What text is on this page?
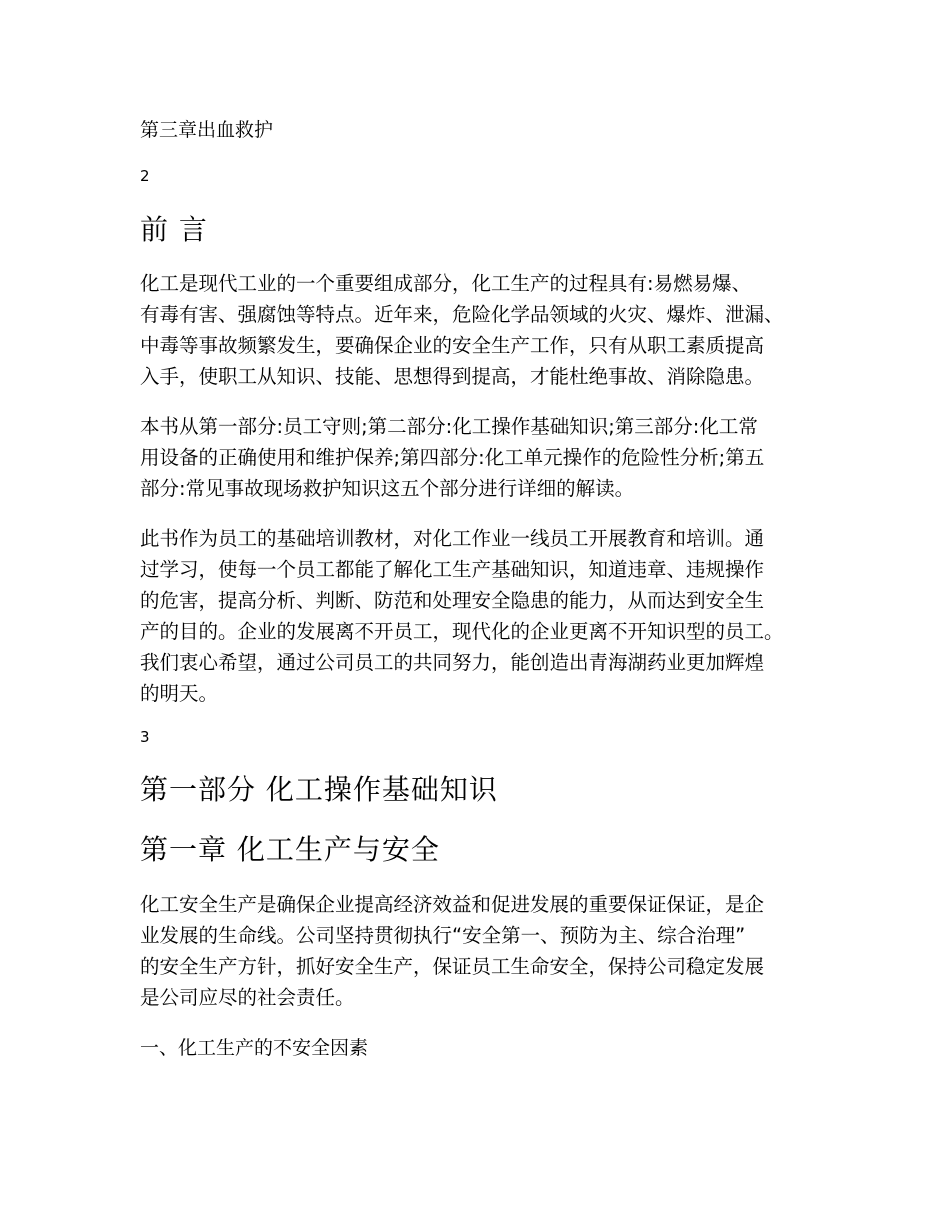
第三章出血救护

2

前 言
化工是现代工业的一个重要组成部分，化工生产的过程具有:易燃易爆、
有毒有害、强腐蚀等特点。近年来，危险化学品领域的火灾、爆炸、泄漏、
中毒等事故频繁发生，要确保企业的安全生产工作，只有从职工素质提高
入手，使职工从知识、技能、思想得到提高，才能杜绝事故、消除隐患。
本书从第一部分:员工守则;第二部分:化工操作基础知识;第三部分:化工常
用设备的正确使用和维护保养;第四部分:化工单元操作的危险性分析;第五
部分:常见事故现场救护知识这五个部分进行详细的解读。
此书作为员工的基础培训教材，对化工作业一线员工开展教育和培训。通
过学习，使每一个员工都能了解化工生产基础知识，知道违章、违规操作
的危害，提高分析、判断、防范和处理安全隐患的能力，从而达到安全生
产的目的。企业的发展离不开员工，现代化的企业更离不开知识型的员工。
我们衷心希望，通过公司员工的共同努力，能创造出青海湖药业更加辉煌
的明天。

3

第一部分 化工操作基础知识
第一章 化工生产与安全
化工安全生产是确保企业提高经济效益和促进发展的重要保证保证，是企
业发展的生命线。公司坚持贯彻执行“安全第一、预防为主、综合治理”
的安全生产方针，抓好安全生产，保证员工生命安全，保持公司稳定发展
是公司应尽的社会责任。

一、化工生产的不安全因素
